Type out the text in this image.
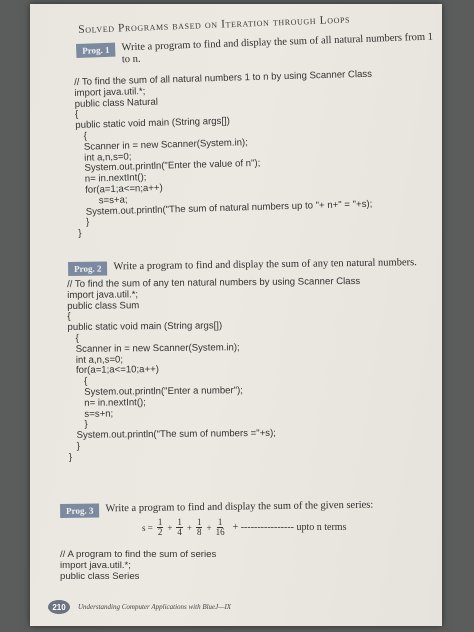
Solved Programs based on Iteration through Loops
Prog. 1	Write a program to find and display the sum of all natural numbers from 1 to n.
// To find the sum of all natural numbers 1 to n by using Scanner Class
import java.util.*;
public class Natural
{
public static void main (String args[])
{
Scanner in = new Scanner(System.in);
int a,n,s=0;
System.out.println("Enter the value of n");
n= in.nextInt();
for(a=1;a<=n;a++)
s=s+a;
System.out.println("The sum of natural numbers up to "+ n+" = "+s);
}
}
Prog. 2	Write a program to find and display the sum of any ten natural numbers.
// To find the sum of any ten natural numbers by using Scanner Class
import java.util.*;
public class Sum
{
public static void main (String args[])
{
Scanner in = new Scanner(System.in);
int a,n,s=0;
for(a=1;a<=10;a++)
{
System.out.println("Enter a number");
n= in.nextInt();
s=s+n;
}
System.out.println("The sum of numbers ="+s);
}
}
Prog. 3	Write a program to find and display the sum of the given series:
$s = \frac{1}{2} + \frac{1}{4} + \frac{1}{8} + \frac{1}{16}$ + ---------------- upto n terms
// A program to find the sum of series
import java.util.*;
public class Series
210	Understanding Computer Applications with BlueJ—IX
